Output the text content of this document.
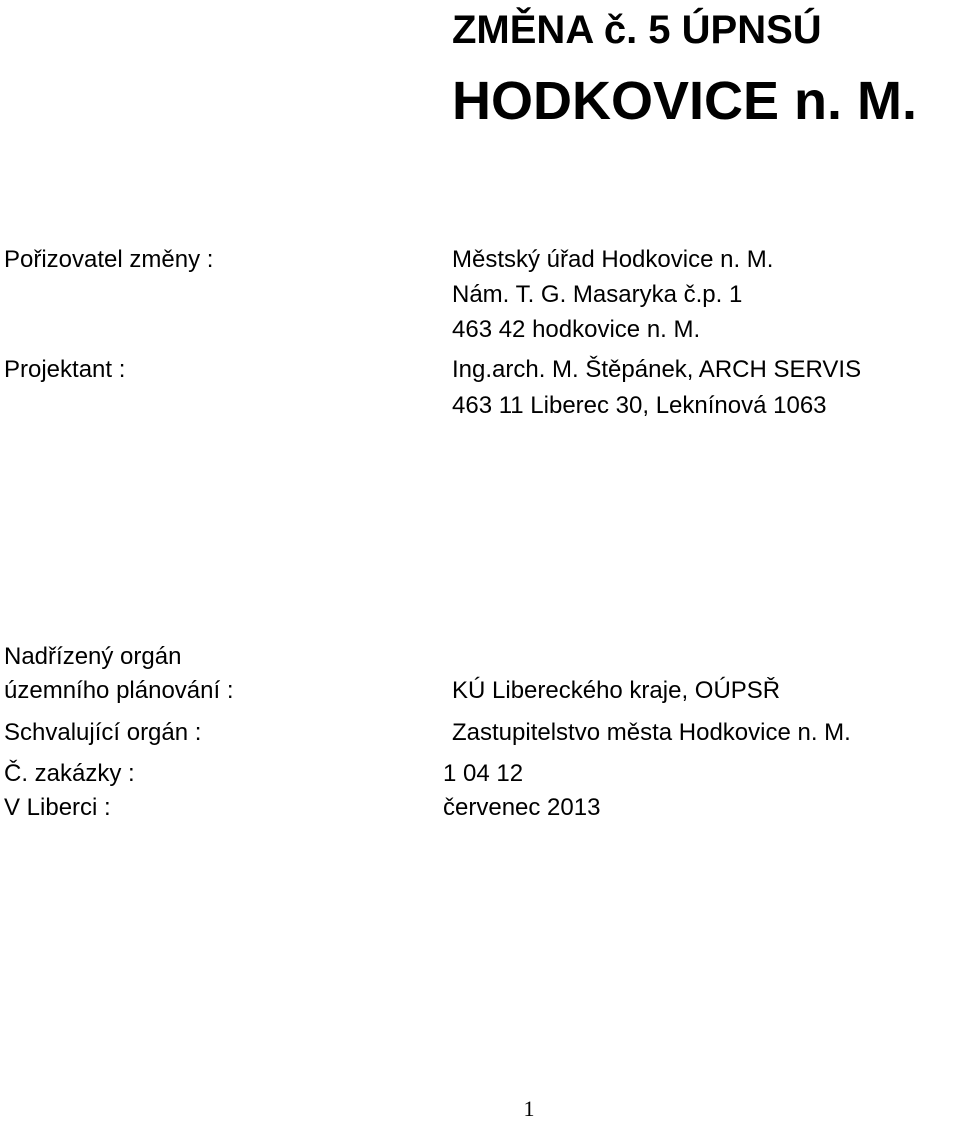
ZMĚNA č. 5 ÚPNSÚ
HODKOVICE n. M.
Pořizovatel změny :	Městský úřad Hodkovice n. M.
Nám. T. G. Masaryka č.p. 1
463 42 hodkovice n. M.
Projektant :	Ing.arch. M. Štěpánek, ARCH SERVIS
463 11 Liberec 30, Leknínová 1063
Nadřízený orgán
územního plánování :	KÚ Libereckého kraje, OÚPSŘ
Schvalující orgán :	Zastupitelstvo města Hodkovice n. M.
Č. zakázky :	1 04 12
V Liberci :	červenec 2013
1
